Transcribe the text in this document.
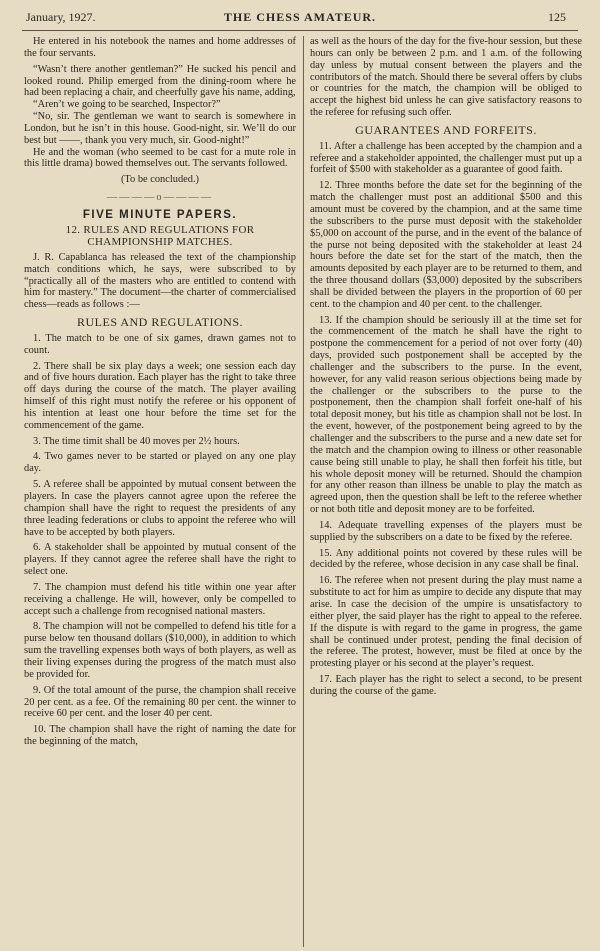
January, 1927.	THE CHESS AMATEUR.	125

He entered in his notebook the names and home addresses of the four servants.

“Wasn’t there another gentleman?” He sucked his pencil and looked round. Philip emerged from the dining-room where he had been replacing a chair, and cheerfully gave his name, adding,

“Aren’t we going to be searched, Inspector?”

“No, sir. The gentleman we want to search is somewhere in London, but he isn’t in this house. Good-night, sir. We’ll do our best but ——, thank you very much, sir. Good-night!”

He and the woman (who seemed to be cast for a mute role in this little drama) bowed themselves out. The servants followed.

(To be concluded.)

————o————
FIVE MINUTE PAPERS.
12. RULES AND REGULATIONS FOR CHAMPIONSHIP MATCHES.

J. R. Capablanca has released the text of the championship match conditions which, he says, were subscribed to by “practically all of the masters who are entitled to contend with him for mastery.” The document—the charter of commercialised chess—reads as follows :—

RULES AND REGULATIONS.

1. The match to be one of six games, drawn games not to count.

2. There shall be six play days a week; one session each day and of five hours duration. Each player has the right to take three off days during the course of the match. The player availing himself of this right must notify the referee or his opponent of his intention at least one hour before the time set for the commencement of the game.

3. The time timit shall be 40 moves per 2½ hours.

4. Two games never to be started or played on any one play day.

5. A referee shall be appointed by mutual consent between the players. In case the players cannot agree upon the referee the champion shall have the right to request the presidents of any three leading federations or clubs to appoint the referee who will have to be accepted by both players.

6. A stakeholder shall be appointed by mutual consent of the players. If they cannot agree the referee shall have the right to select one.

7. The champion must defend his title within one year after receiving a challenge. He will, however, only be compelled to accept such a challenge from recognised national masters.

8. The champion will not be compelled to defend his title for a purse below ten thousand dollars ($10,000), in addition to which sum the travelling expenses both ways of both players, as well as their living expenses during the progress of the match must also be provided for.

9. Of the total amount of the purse, the champion shall receive 20 per cent. as a fee. Of the remaining 80 per cent. the winner to receive 60 per cent. and the loser 40 per cent.

10. The champion shall have the right of naming the date for the beginning of the match,

as well as the hours of the day for the five-hour session, but these hours can only be between 2 p.m. and 1 a.m. of the following day unless by mutual consent between the players and the contributors of the match. Should there be several offers by clubs or countries for the match, the champion will be obliged to accept the highest bid unless he can give satisfactory reasons to the referee for refusing such offer.

GUARANTEES AND FORFEITS.

11. After a challenge has been accepted by the champion and a referee and a stakeholder appointed, the challenger must put up a forfeit of $500 with stakeholder as a guarantee of good faith.

12. Three months before the date set for the beginning of the match the challenger must post an additional $500 and this amount must be covered by the champion, and at the same time the subscribers to the purse must deposit with the stakeholder $5,000 on account of the purse, and in the event of the balance of the purse not being deposited with the stakeholder at least 24 hours before the date set for the start of the match, then the amounts deposited by each player are to be returned to them, and the three thousand dollars ($3,000) deposited by the subscribers shall be divided between the players in the proportion of 60 per cent. to the champion and 40 per cent. to the challenger.

13. If the champion should be seriously ill at the time set for the commencement of the match he shall have the right to postpone the commencement for a period of not over forty (40) days, provided such postponement shall be accepted by the challenger and the subscribers to the purse. In the event, however, for any valid reason serious objections being made by the challenger or the subscribers to the purse to the postponement, then the champion shall forfeit one-half of his total deposit money, but his title as champion shall not be lost. In the event, however, of the postponement being agreed to by the challenger and the subscribers to the purse and a new date set for the match and the champion owing to illness or other reasonable cause being still unable to play, he shall then forfeit his title, but his whole deposit money will be returned. Should the champion for any other reason than illness be unable to play the match as agreed upon, then the question shall be left to the referee whether or not both title and deposit money are to be forfeited.

14. Adequate travelling expenses of the players must be supplied by the subscribers on a date to be fixed by the referee.

15. Any additional points not covered by these rules will be decided by the referee, whose decision in any case shall be final.

16. The referee when not present during the play must name a substitute to act for him as umpire to decide any dispute that may arise. In case the decision of the umpire is unsatisfactory to either plyer, the said player has the right to appeal to the referee. If the dispute is with regard to the game in progress, the game shall be continued under protest, pending the final decision of the referee. The protest, however, must be filed at once by the protesting player or his second at the player’s request.

17. Each player has the right to select a second, to be present during the course of the game.
